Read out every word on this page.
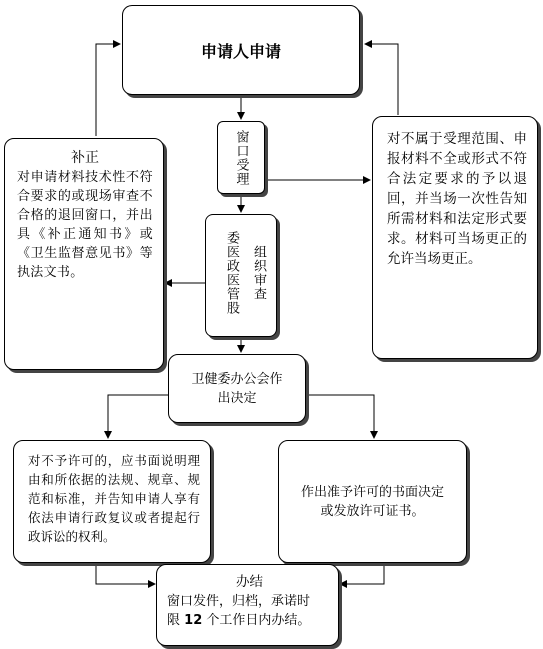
申请人申请
窗口受理
组织审查
委医政医管股
补正
对申请材料技术性不符合要求的或现场审查不合格的退回窗口，并出具《补正通知书》或《卫生监督意见书》等执法文书。
对不属于受理范围、申报材料不全或形式不符合法定要求的予以退回，并当场一次性告知所需材料和法定形式要求。材料可当场更正的允许当场更正。
卫健委办公会作出决定
对不予许可的，应书面说明理由和所依据的法规、规章、规范和标准，并告知申请人享有依法申请行政复议或者提起行政诉讼的权利。
作出准予许可的书面决定或发放许可证书。
办结
窗口发件，归档，承诺时
限 12 个工作日内办结。
